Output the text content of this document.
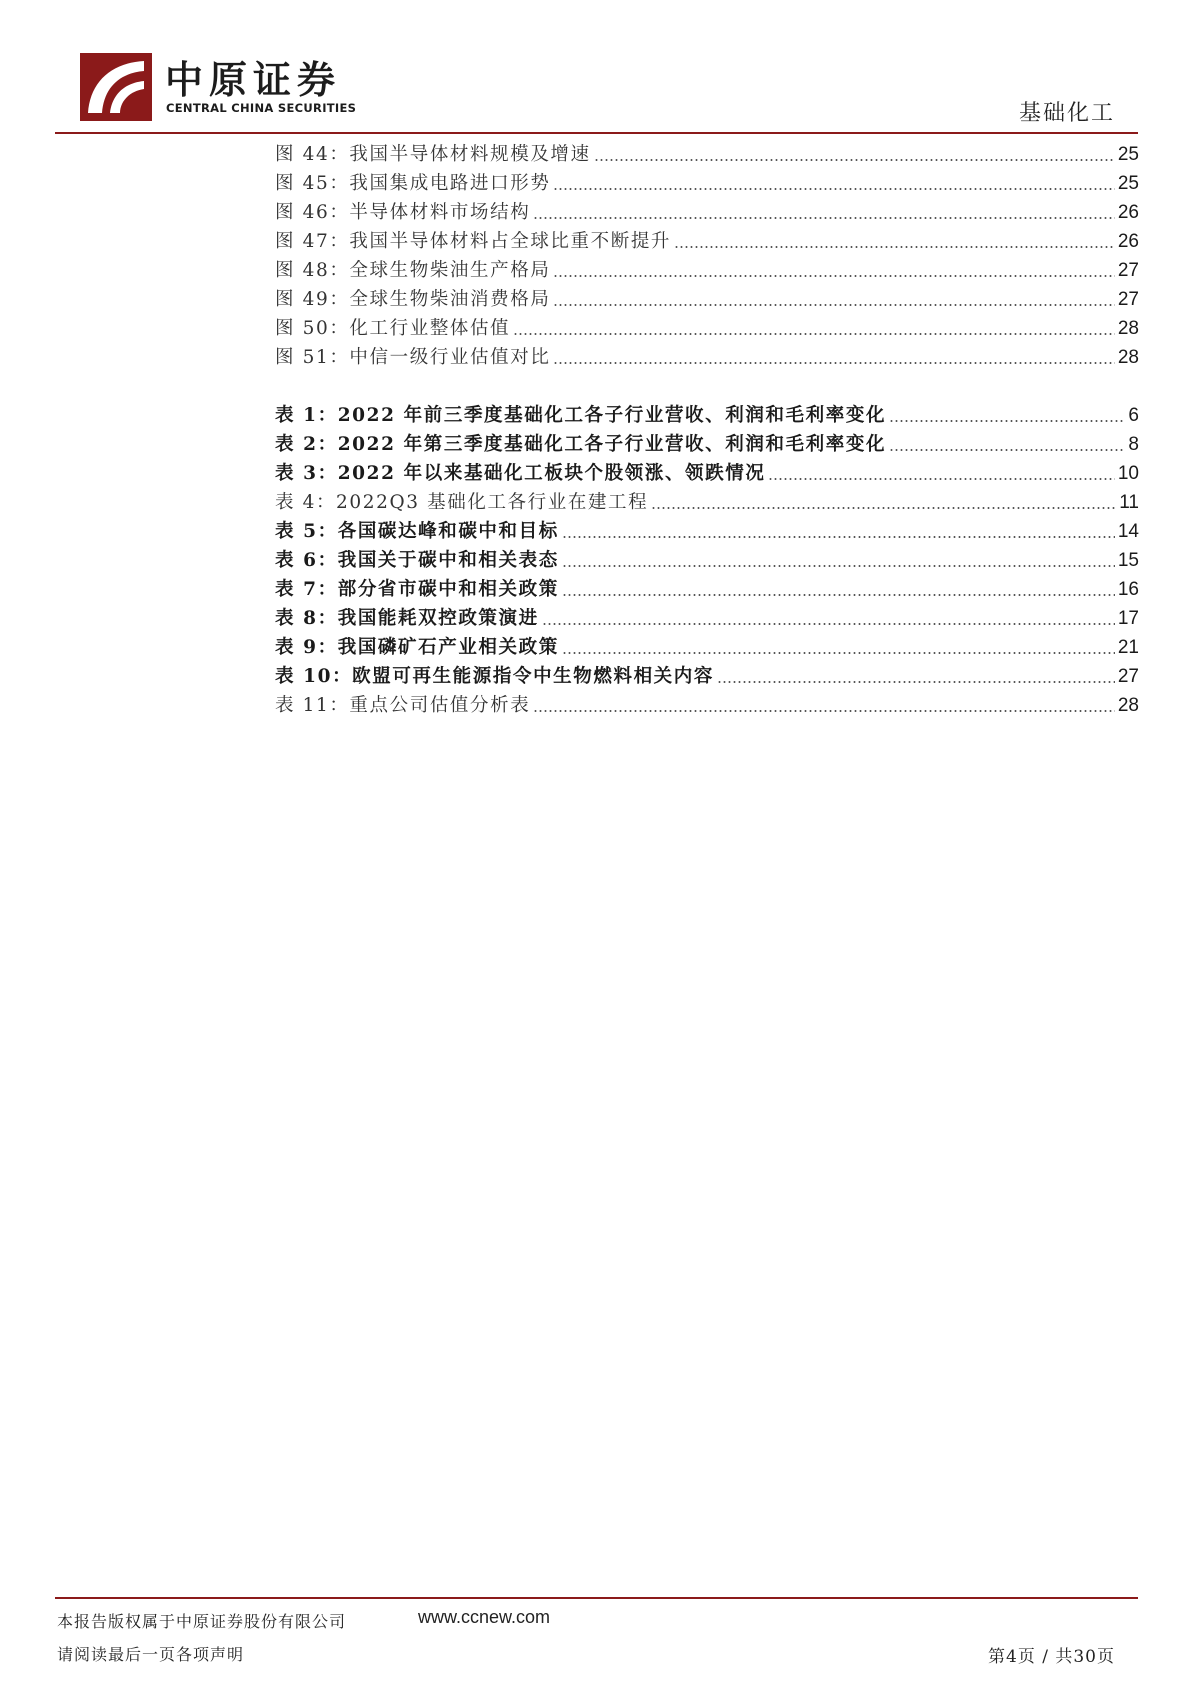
中原证券
CENTRAL CHINA SECURITIES	基础化工
图 44：我国半导体材料规模及增速	25
图 45：我国集成电路进口形势	25
图 46：半导体材料市场结构	26
图 47：我国半导体材料占全球比重不断提升	26
图 48：全球生物柴油生产格局	27
图 49：全球生物柴油消费格局	27
图 50：化工行业整体估值	28
图 51：中信一级行业估值对比	28
表 1：2022 年前三季度基础化工各子行业营收、利润和毛利率变化	6
表 2：2022 年第三季度基础化工各子行业营收、利润和毛利率变化	8
表 3：2022 年以来基础化工板块个股领涨、领跌情况	10
表 4：2022Q3 基础化工各行业在建工程	11
表 5：各国碳达峰和碳中和目标	14
表 6：我国关于碳中和相关表态	15
表 7：部分省市碳中和相关政策	16
表 8：我国能耗双控政策演进	17
表 9：我国磷矿石产业相关政策	21
表 10：欧盟可再生能源指令中生物燃料相关内容	27
表 11：重点公司估值分析表	28
本报告版权属于中原证券股份有限公司	www.ccnew.com
请阅读最后一页各项声明	第4页 / 共30页
